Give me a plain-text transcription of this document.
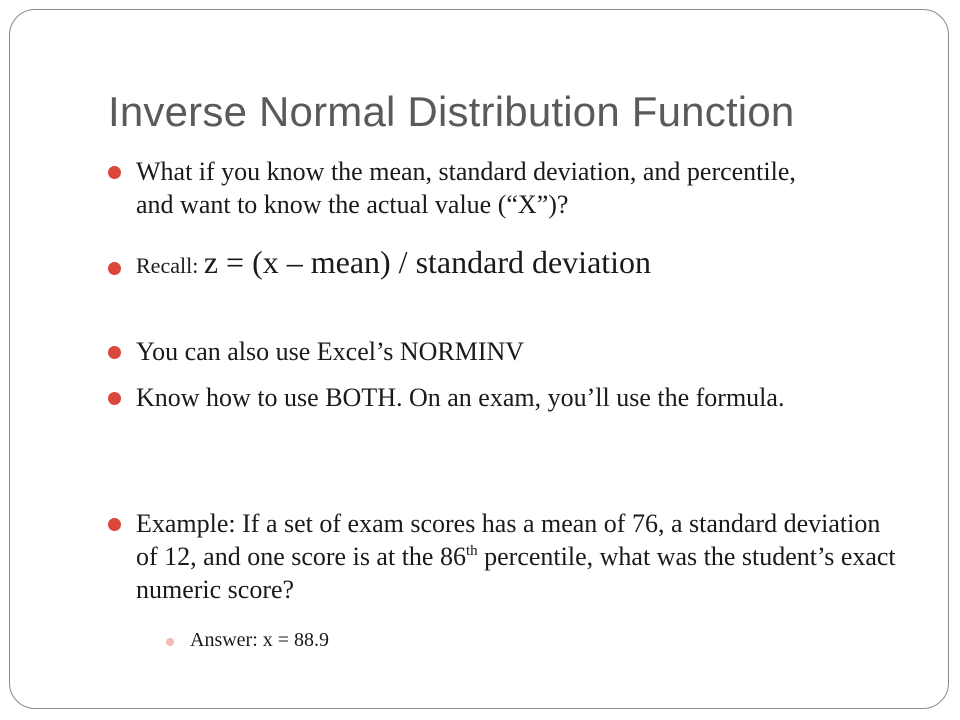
Inverse Normal Distribution Function
What if you know the mean, standard deviation, and percentile, and want to know the actual value (“X”)?
Recall: z = (x – mean) / standard deviation
You can also use Excel’s NORMINV
Know how to use BOTH. On an exam, you’ll use the formula.
Example: If a set of exam scores has a mean of 76, a standard deviation of 12, and one score is at the 86th percentile, what was the student’s exact numeric score?
Answer: x = 88.9
